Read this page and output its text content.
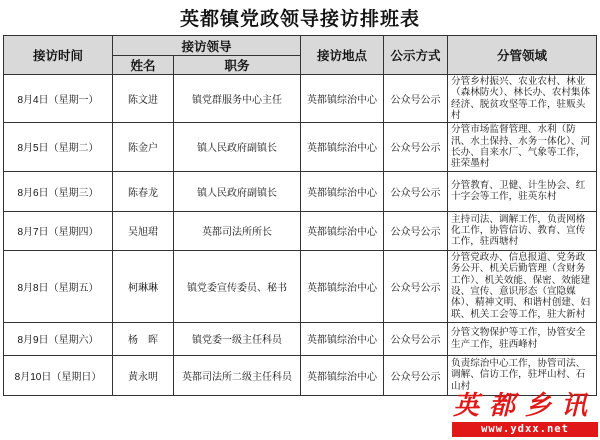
英都镇党政领导接访排班表
接访时间	接访领导		接访地点	公示方式	分管领域
	姓名	职务			
8月4日（星期一）	陈文进	镇党群服务中心主任	英都镇综治中心	公众号公示	分管乡村振兴、农业农村、林业（森林防火）、林长办、农村集体经济、脱贫攻坚等工作，驻贩头村
8月5日（星期二）	陈金户	镇人民政府副镇长	英都镇综治中心	公众号公示	分管市场监督管理、水利（防汛、水土保持、水务一体化）、河长办、自来水厂、气象等工作，驻荣墨村
8月6日（星期三）	陈春龙	镇人民政府副镇长	英都镇综治中心	公众号公示	分管教育、卫健、计生协会、红十字会等工作，驻英东村
8月7日（星期四）	吴旭珺	英都司法所所长	英都镇综治中心	公众号公示	主持司法、调解工作，负责网格化工作，协管信访、教育、宣传工作，驻西塘村
8月8日（星期五）	柯琳琳	镇党委宣传委员、秘书	英都镇综治中心	公众号公示	分管党政办、信息报道、党务政务公开、机关后勤管理（含财务工作）、机关效能、保密、效能建设、宣传、意识形态（宣隐媒体）、精神文明、和谐村创建、妇联、机关工会等工作，驻大新村
8月9日（星期六）	杨　晖	镇党委一级主任科员	英都镇综治中心	公众号公示	分管文物保护等工作，协管安全生产工作，驻西峰村
8月10日（星期日）	黄永明	英都司法所二级主任科员	英都镇综治中心	公众号公示	负责综治中心工作，协管司法、调解、信访工作，驻坪山村、石山村
英都乡讯
www.ydxx.net
